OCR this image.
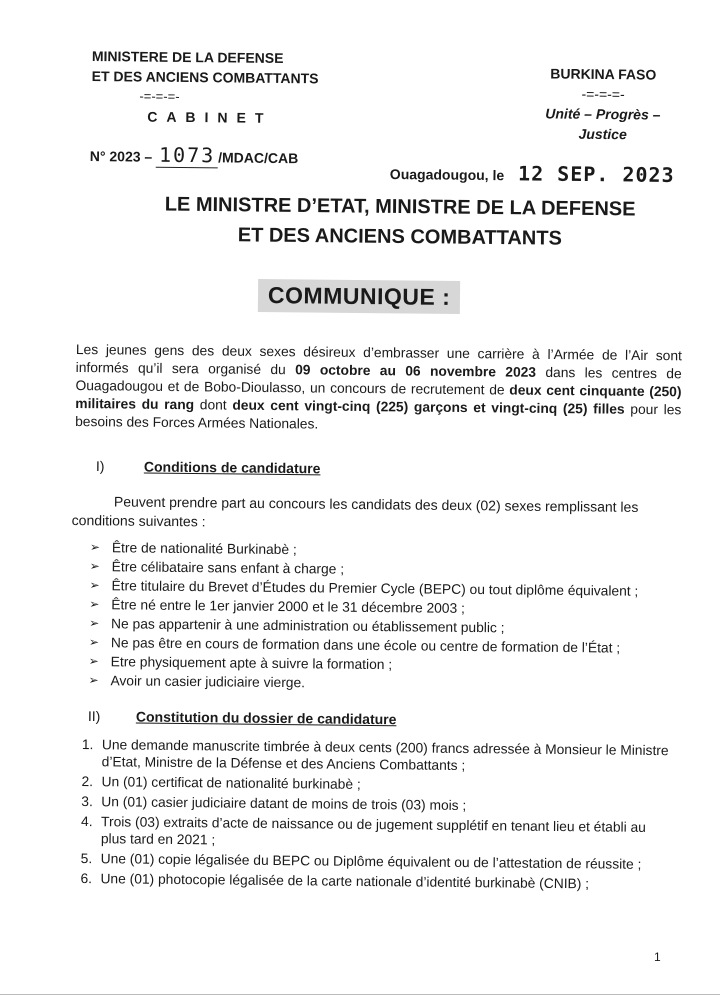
MINISTERE DE LA DEFENSE
ET DES ANCIENS COMBATTANTS
-=-=-=-
CABINET
BURKINA FASO
-=-=-=-
Unité – Progrès – Justice
N° 2023 – 1073 /MDAC/CAB
Ouagadougou, le 12 SEP. 2023
LE MINISTRE D’ETAT, MINISTRE DE LA DEFENSE
ET DES ANCIENS COMBATTANTS
COMMUNIQUE :
Les jeunes gens des deux sexes désireux d’embrasser une carrière à l’Armée de l’Air sont informés qu’il sera organisé du 09 octobre au 06 novembre 2023 dans les centres de Ouagadougou et de Bobo-Dioulasso, un concours de recrutement de deux cent cinquante (250) militaires du rang dont deux cent vingt-cinq (225) garçons et vingt-cinq (25) filles pour les besoins des Forces Armées Nationales.
I)	Conditions de candidature
Peuvent prendre part au concours les candidats des deux (02) sexes remplissant les conditions suivantes :
➢ Être de nationalité Burkinabè ;
➢ Être célibataire sans enfant à charge ;
➢ Être titulaire du Brevet d’Études du Premier Cycle (BEPC) ou tout diplôme équivalent ;
➢ Être né entre le 1er janvier 2000 et le 31 décembre 2003 ;
➢ Ne pas appartenir à une administration ou établissement public ;
➢ Ne pas être en cours de formation dans une école ou centre de formation de l’État ;
➢ Etre physiquement apte à suivre la formation ;
➢ Avoir un casier judiciaire vierge.
II)	Constitution du dossier de candidature
1. Une demande manuscrite timbrée à deux cents (200) francs adressée à Monsieur le Ministre d’Etat, Ministre de la Défense et des Anciens Combattants ;
2. Un (01) certificat de nationalité burkinabè ;
3. Un (01) casier judiciaire datant de moins de trois (03) mois ;
4. Trois (03) extraits d’acte de naissance ou de jugement supplétif en tenant lieu et établi au plus tard en 2021 ;
5. Une (01) copie légalisée du BEPC ou Diplôme équivalent ou de l’attestation de réussite ;
6. Une (01) photocopie légalisée de la carte nationale d’identité burkinabè (CNIB) ;
1
